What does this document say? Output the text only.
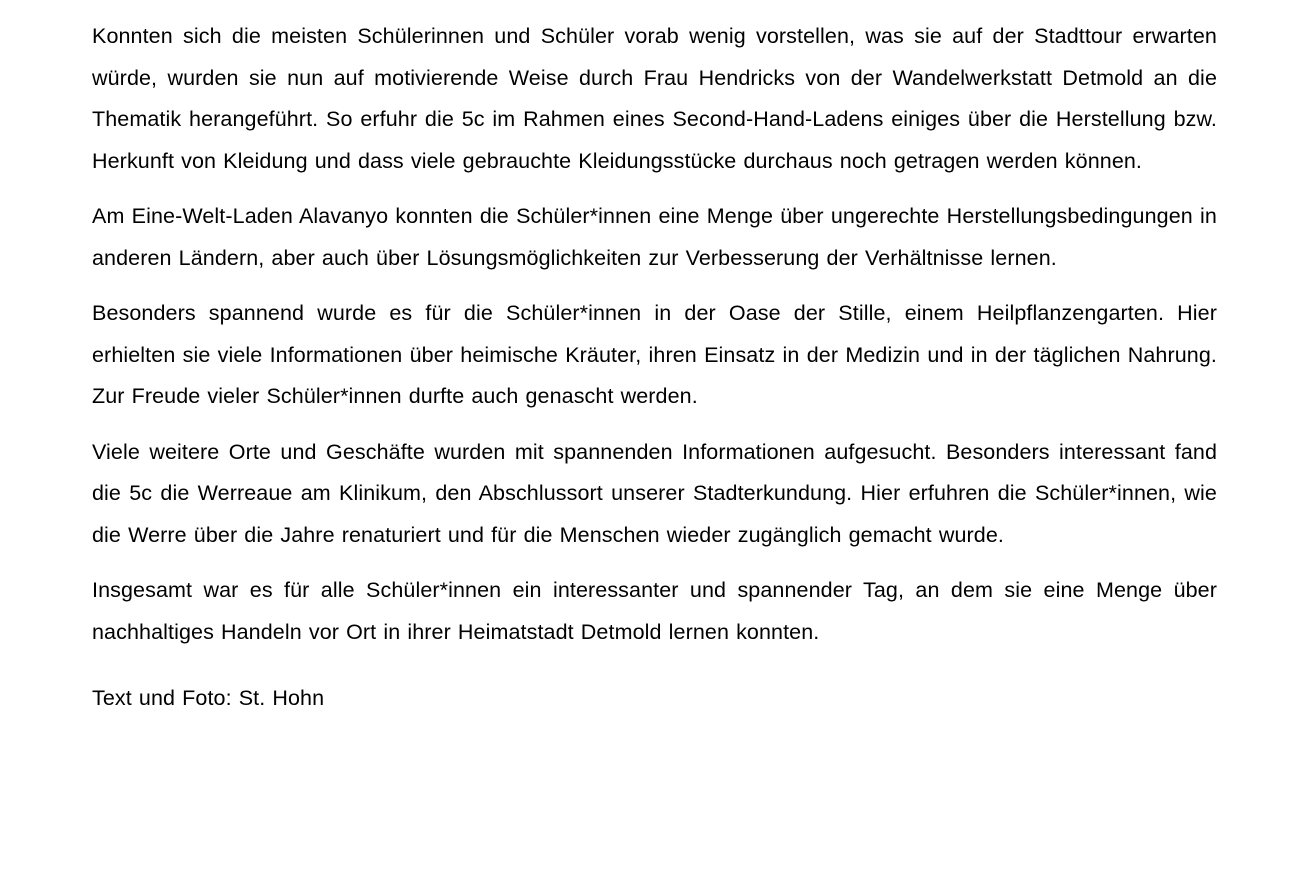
Konnten sich die meisten Schülerinnen und Schüler vorab wenig vorstellen, was sie auf der Stadttour erwarten würde, wurden sie nun auf motivierende Weise durch Frau Hendricks von der Wandelwerkstatt Detmold an die Thematik herangeführt. So erfuhr die 5c im Rahmen eines Second-Hand-Ladens einiges über die Herstellung bzw. Herkunft von Kleidung und dass viele gebrauchte Kleidungsstücke durchaus noch getragen werden können.

Am Eine-Welt-Laden Alavanyo konnten die Schüler*innen eine Menge über ungerechte Herstellungsbedingungen in anderen Ländern, aber auch über Lösungsmöglichkeiten zur Verbesserung der Verhältnisse lernen.

Besonders spannend wurde es für die Schüler*innen in der Oase der Stille, einem Heilpflanzengarten. Hier erhielten sie viele Informationen über heimische Kräuter, ihren Einsatz in der Medizin und in der täglichen Nahrung. Zur Freude vieler Schüler*innen durfte auch genascht werden.

Viele weitere Orte und Geschäfte wurden mit spannenden Informationen aufgesucht. Besonders interessant fand die 5c die Werreaue am Klinikum, den Abschlussort unserer Stadterkundung. Hier erfuhren die Schüler*innen, wie die Werre über die Jahre renaturiert und für die Menschen wieder zugänglich gemacht wurde.

Insgesamt war es für alle Schüler*innen ein interessanter und spannender Tag, an dem sie eine Menge über nachhaltiges Handeln vor Ort in ihrer Heimatstadt Detmold lernen konnten.

Text und Foto: St. Hohn
